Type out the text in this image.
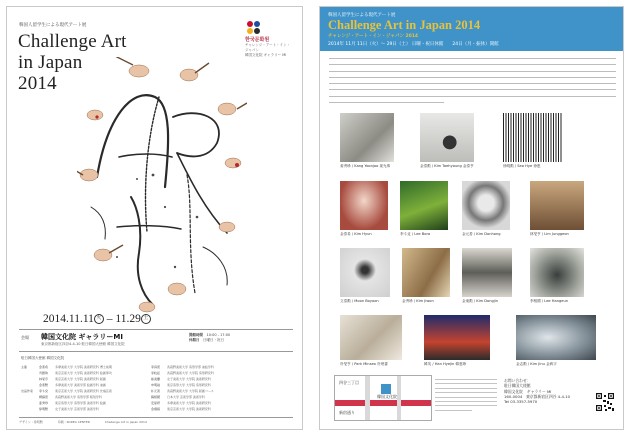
韓国人留学生による現代アート展
Challenge Art
in Japan
2014
한국문화원
チャレンジ・アート・イン・ジャパン
韓国文化院 ギャラリー MI
2014.11.11 火 – 11.29 土
会場 韓国文化院 ギャラリーMI
東京都新宿区四谷4-4-10 駐日韓国大使館 韓国文化院
開館時間　 10:00 - 17:00
休館日　 日曜日・祝日
駐日韓国大使館 韓国文化院
主催	金泰希 多摩美術大学 大学院 美術研究科 博士前期	李庭恩 武蔵野美術大学 造形学部 油絵学科
呉銀珠 東京芸術大学 大学院 美術研究科 絵画専攻	李旼姃 武蔵野美術大学 大学院 造形研究科
林旻亨 東京芸術大学 大学院 美術研究科 版画	崔美蘭 女子美術大学 大学院 美術研究科
金泰勲 多摩美術大学 美術学部 絵画学科 油画	申明淑 東京造形大学 大学院 造形研究科
出品作家 李斗兌 東京芸術大学 大学院 美術研究科 先端芸術	朴元善 武蔵野美術大学 大学院 版画コース
柳譲恩 武蔵野美術大学 造形学部 彫刻学科	韓相國 日本大学 芸術学部 美術学科
姜秀珍 東京造形大学 造形学部 美術学科 絵画	安星妍 多摩美術大学 大学院 美術研究科
徐明勲 女子美術大学 芸術学部 美術学科	金禧娟 東京芸術大学 大学院 美術研究科
デザイン : 徐明勲	印刷 : KOREA CENTER	Challenge Art in Japan 2014
韓国人留学生による現代アート展
Challenge Art in Japan 2014
チャレンジ・アート・イン・ジャパン 2014
2014年 11月 11日（火）～ 29日（土） 日曜・祝日休館　　24日（月・振休）開館
姜秀珍 / Kang Yoonjoo 姜允珠	金泰勲 / Kim Taehyoung 金泰亨	徐明勲 / Seo Hye 徐惠
金泰希 / Kim Hyun	李斗兌 / Lee Bora	金元善 / Kim Donhong	林旻亨 / Lim Junggeon
文泰勲 / Moon Boyoon	金秀珍 / Kim Jiwon	金東勲 / Kim Dongjin	李相國 / Lee Hangeun
朴旻亨 / Park Minseo 朴珉書	韓英 / Han Hyejin 韓惠珍	金志勲 / Kim Jinu 金眞宇
四谷三丁目
韓国文化院
新宿通り
お問い合わせ：
駐日韓国大使館
韓国文化院　ギャラリー MI
160-0004　東京都新宿区四谷 4-4-10
Tel 03-3357-5970
